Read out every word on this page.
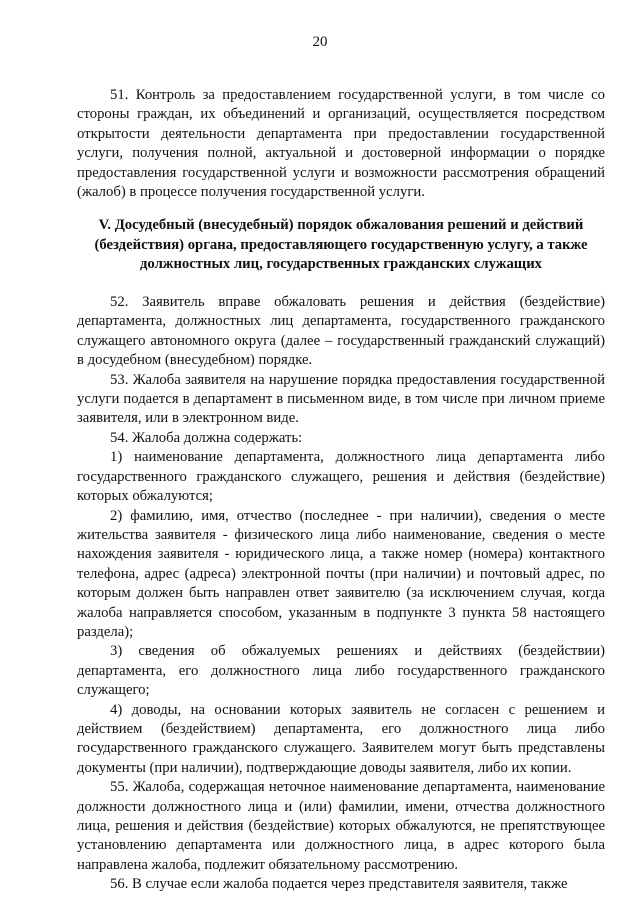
20

51. Контроль за предоставлением государственной услуги, в том числе со стороны граждан, их объединений и организаций, осуществляется посредством открытости деятельности департамента при предоставлении государственной услуги, получения полной, актуальной и достоверной информации о порядке предоставления государственной услуги и возможности рассмотрения обращений (жалоб) в процессе получения государственной услуги.

V. Досудебный (внесудебный) порядок обжалования решений и действий (бездействия) органа, предоставляющего государственную услугу, а также должностных лиц, государственных гражданских служащих

52. Заявитель вправе обжаловать решения и действия (бездействие) департамента, должностных лиц департамента, государственного гражданского служащего автономного округа (далее – государственный гражданский служащий) в досудебном (внесудебном) порядке.

53. Жалоба заявителя на нарушение порядка предоставления государственной услуги подается в департамент в письменном виде, в том числе при личном приеме заявителя, или в электронном виде.

54. Жалоба должна содержать:

1) наименование департамента, должностного лица департамента либо государственного гражданского служащего, решения и действия (бездействие) которых обжалуются;

2) фамилию, имя, отчество (последнее - при наличии), сведения о месте жительства заявителя - физического лица либо наименование, сведения о месте нахождения заявителя - юридического лица, а также номер (номера) контактного телефона, адрес (адреса) электронной почты (при наличии) и почтовый адрес, по которым должен быть направлен ответ заявителю (за исключением случая, когда жалоба направляется способом, указанным в подпункте 3 пункта 58 настоящего раздела);

3) сведения об обжалуемых решениях и действиях (бездействии) департамента, его должностного лица либо государственного гражданского служащего;

4) доводы, на основании которых заявитель не согласен с решением и действием (бездействием) департамента, его должностного лица либо государственного гражданского служащего. Заявителем могут быть представлены документы (при наличии), подтверждающие доводы заявителя, либо их копии.

55. Жалоба, содержащая неточное наименование департамента, наименование должности должностного лица и (или) фамилии, имени, отчества должностного лица, решения и действия (бездействие) которых обжалуются, не препятствующее установлению департамента или должностного лица, в адрес которого была направлена жалоба, подлежит обязательному рассмотрению.

56. В случае если жалоба подается через представителя заявителя, также
